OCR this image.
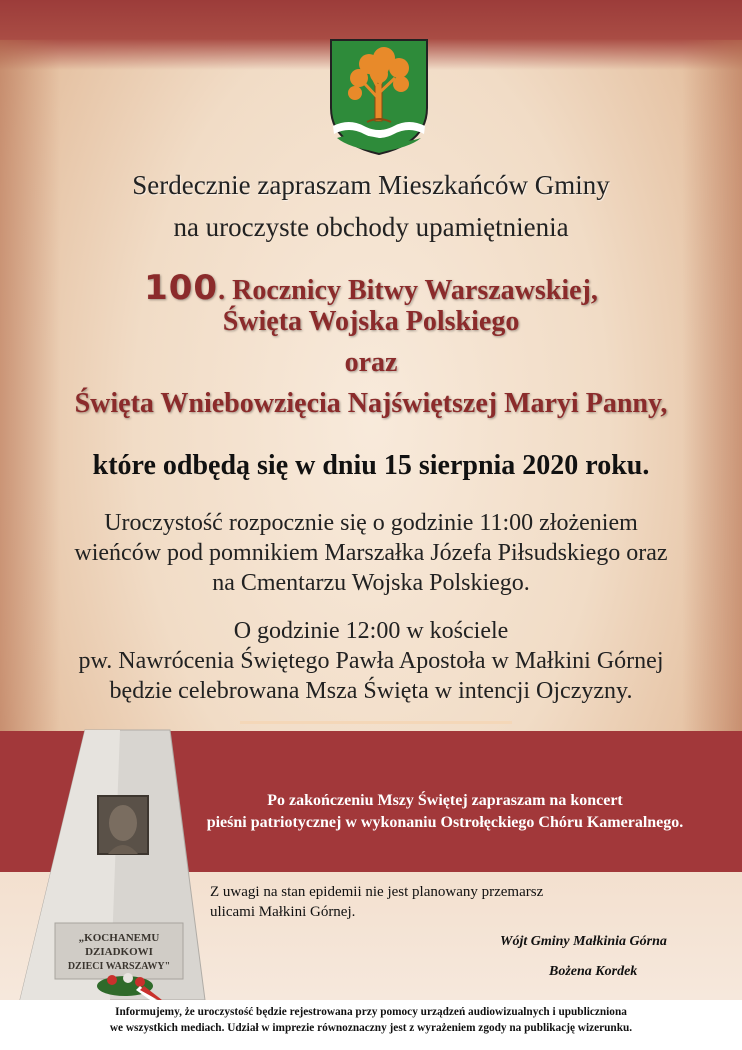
Serdecznie zapraszam Mieszkańców Gminy

na uroczyste obchody upamiętnienia

100. Rocznicy Bitwy Warszawskiej,

Święta Wojska Polskiego

oraz

Święta Wniebowzięcia Najświętszej Maryi Panny,

które odbędą się w dniu 15 sierpnia 2020 roku.

Uroczystość rozpocznie się o godzinie 11:00 złożeniem
wieńców pod pomnikiem Marszałka Józefa Piłsudskiego oraz
na Cmentarzu Wojska Polskiego.
O godzinie 12:00 w kościele
pw. Nawrócenia Świętego Pawła Apostoła w Małkini Górnej
będzie celebrowana Msza Święta w intencji Ojczyzny.
„KOCHANEMU
DZIADKOWI
DZIECI WARSZAWY"
Po zakończeniu Mszy Świętej zapraszam na koncert
pieśni patriotycznej w wykonaniu Ostrołęckiego Chóru Kameralnego.
Z uwagi na stan epidemii nie jest planowany przemarsz
ulicami Małkini Górnej.
Wójt Gminy Małkinia Górna
Bożena Kordek
Informujemy, że uroczystość będzie rejestrowana przy pomocy urządzeń audiowizualnych i upubliczniona
we wszystkich mediach. Udział w imprezie równoznaczny jest z wyrażeniem zgody na publikację wizerunku.
